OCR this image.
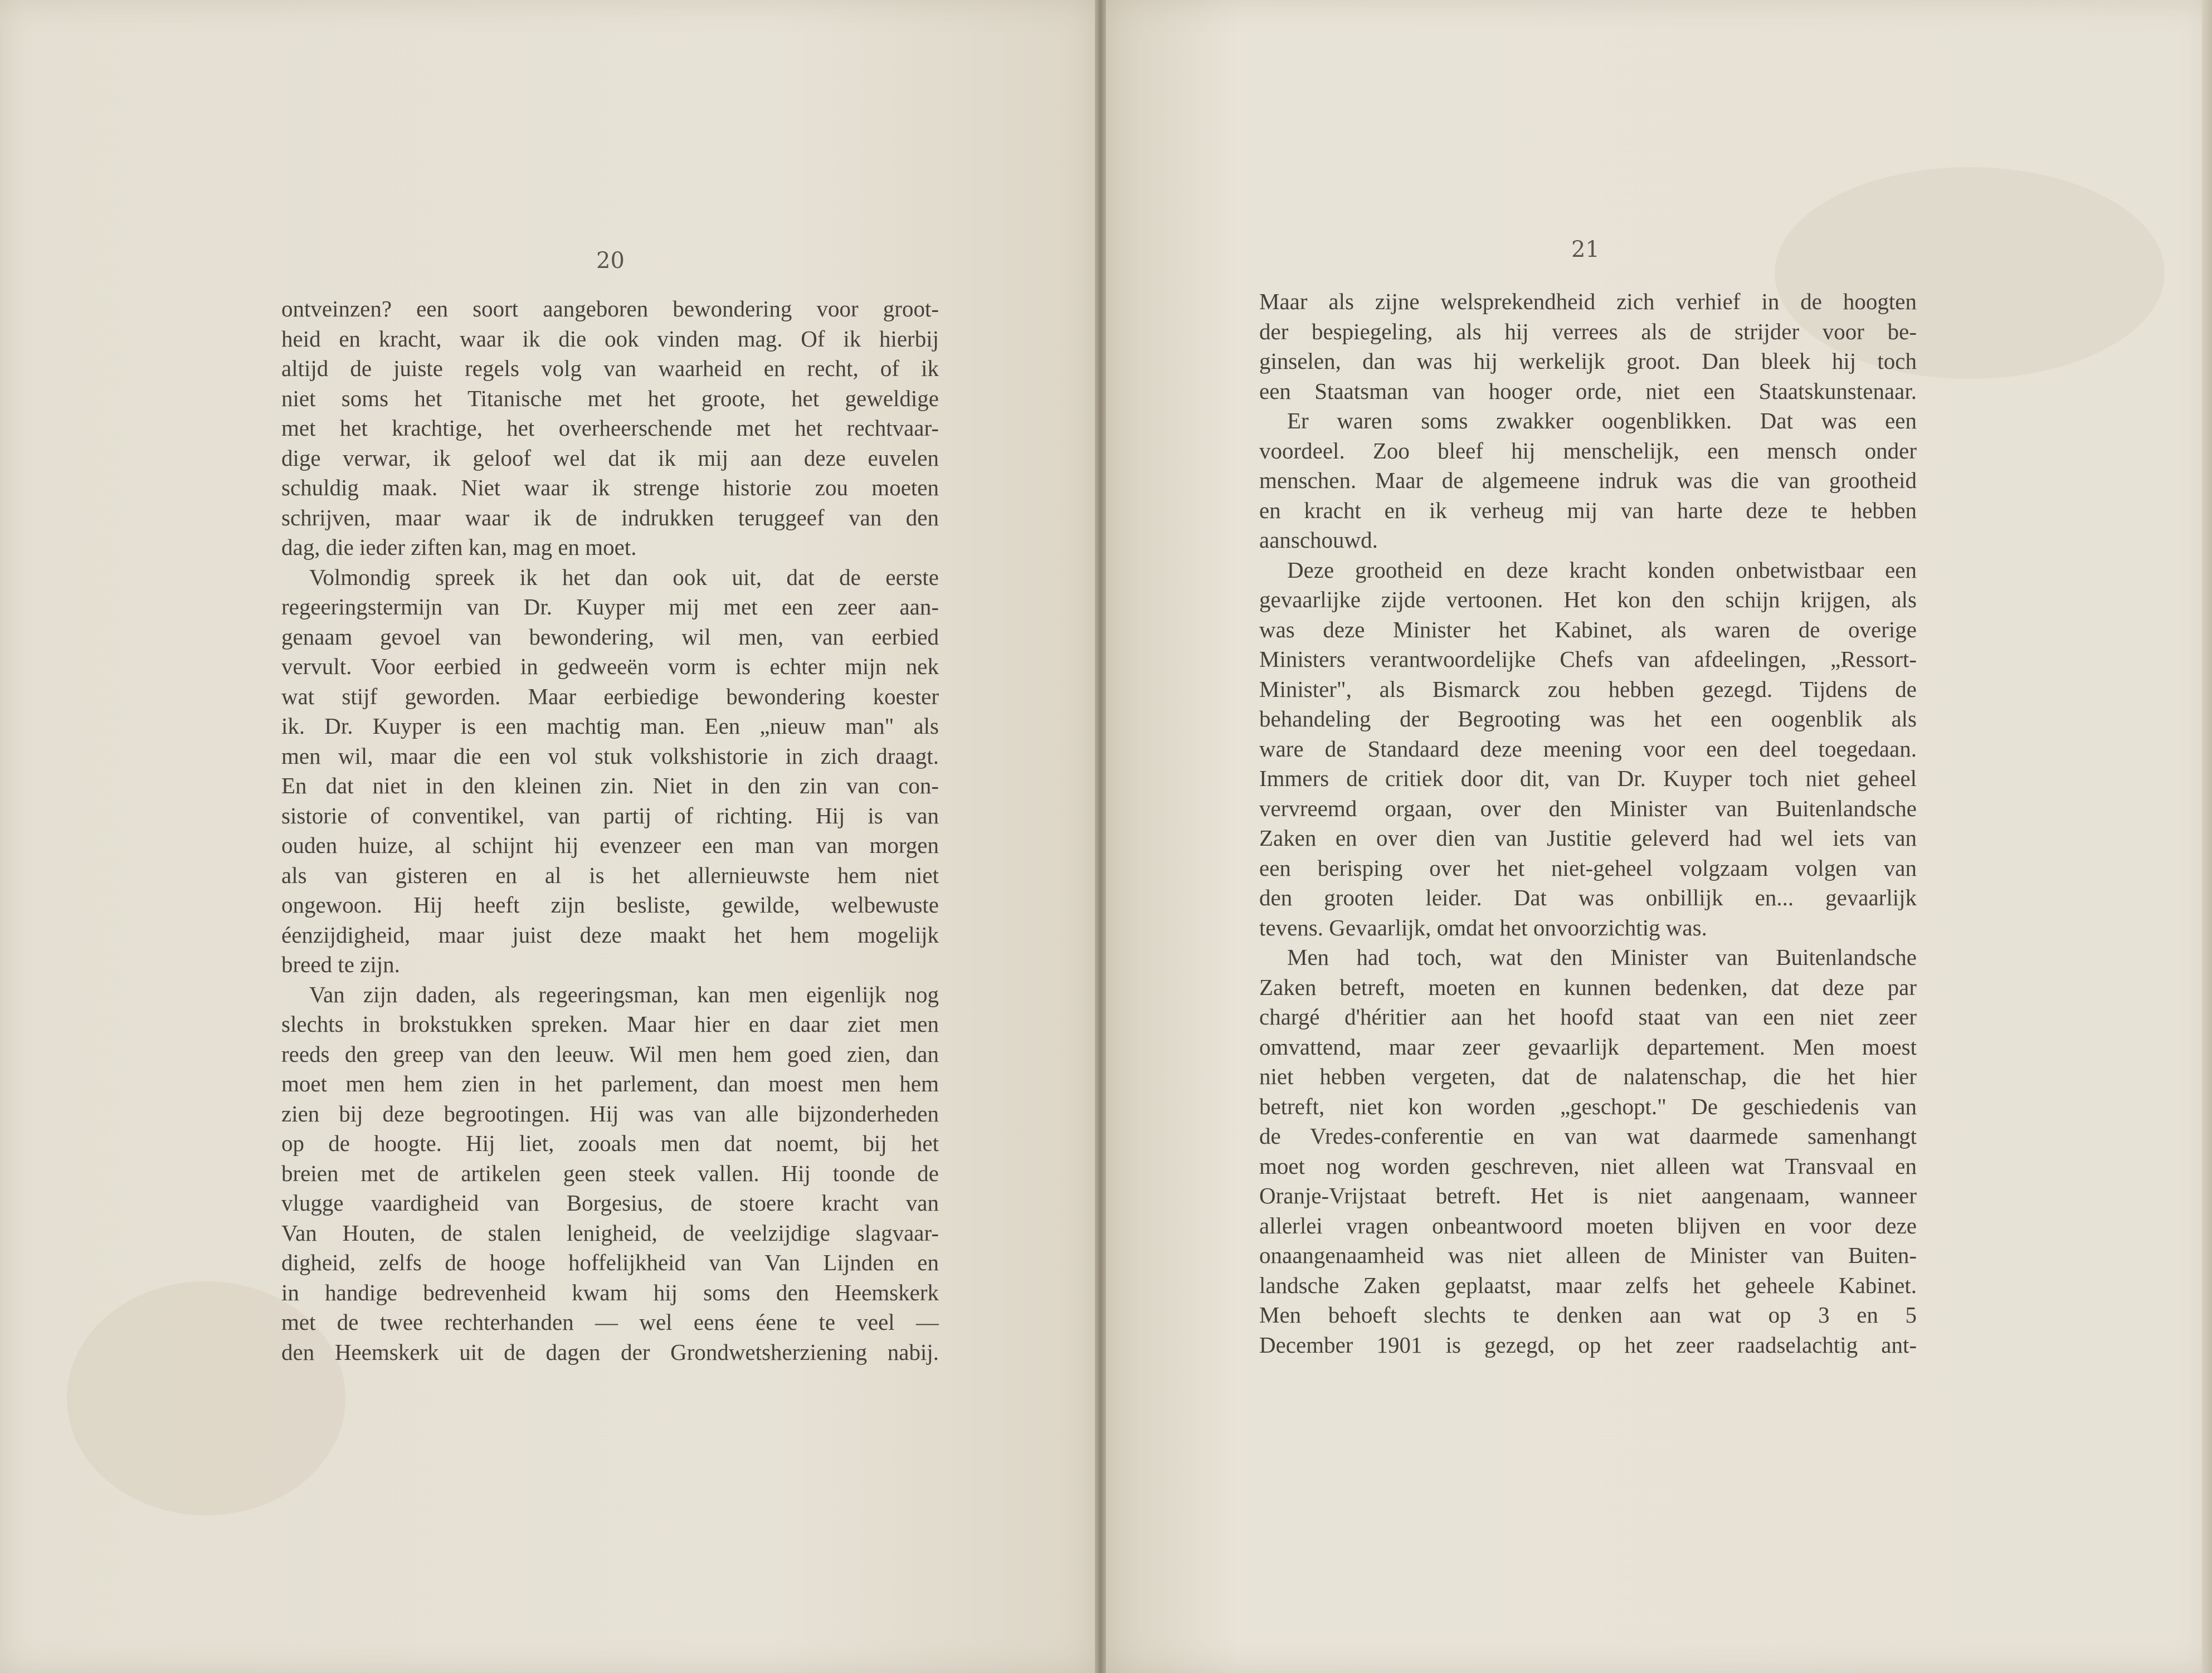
20

ontveinzen? een soort aangeboren bewondering voor groot-
heid en kracht, waar ik die ook vinden mag. Of ik hierbij
altijd de juiste regels volg van waarheid en recht, of ik
niet soms het Titanische met het groote, het geweldige
met het krachtige, het overheerschende met het rechtvaar-
dige verwar, ik geloof wel dat ik mij aan deze euvelen
schuldig maak. Niet waar ik strenge historie zou moeten
schrijven, maar waar ik de indrukken teruggeef van den
dag, die ieder ziften kan, mag en moet.
Volmondig spreek ik het dan ook uit, dat de eerste
regeeringstermijn van Dr. Kuyper mij met een zeer aan-
genaam gevoel van bewondering, wil men, van eerbied
vervult. Voor eerbied in gedweeën vorm is echter mijn nek
wat stijf geworden. Maar eerbiedige bewondering koester
ik. Dr. Kuyper is een machtig man. Een „nieuw man" als
men wil, maar die een vol stuk volkshistorie in zich draagt.
En dat niet in den kleinen zin. Niet in den zin van con-
sistorie of conventikel, van partij of richting. Hij is van
ouden huize, al schijnt hij evenzeer een man van morgen
als van gisteren en al is het allernieuwste hem niet
ongewoon. Hij heeft zijn besliste, gewilde, welbewuste
éenzijdigheid, maar juist deze maakt het hem mogelijk
breed te zijn.
Van zijn daden, als regeeringsman, kan men eigenlijk nog
slechts in brokstukken spreken. Maar hier en daar ziet men
reeds den greep van den leeuw. Wil men hem goed zien, dan
moet men hem zien in het parlement, dan moest men hem
zien bij deze begrootingen. Hij was van alle bijzonderheden
op de hoogte. Hij liet, zooals men dat noemt, bij het
breien met de artikelen geen steek vallen. Hij toonde de
vlugge vaardigheid van Borgesius, de stoere kracht van
Van Houten, de stalen lenigheid, de veelzijdige slagvaar-
digheid, zelfs de hooge hoffelijkheid van Van Lijnden en
in handige bedrevenheid kwam hij soms den Heemskerk
met de twee rechterhanden — wel eens éene te veel —
den Heemskerk uit de dagen der Grondwetsherziening nabij.

21

Maar als zijne welsprekendheid zich verhief in de hoogten
der bespiegeling, als hij verrees als de strijder voor be-
ginselen, dan was hij werkelijk groot. Dan bleek hij toch
een Staatsman van hooger orde, niet een Staatskunstenaar.
Er waren soms zwakker oogenblikken. Dat was een
voordeel. Zoo bleef hij menschelijk, een mensch onder
menschen. Maar de algemeene indruk was die van grootheid
en kracht en ik verheug mij van harte deze te hebben
aanschouwd.
Deze grootheid en deze kracht konden onbetwistbaar een
gevaarlijke zijde vertoonen. Het kon den schijn krijgen, als
was deze Minister het Kabinet, als waren de overige
Ministers verantwoordelijke Chefs van afdeelingen, „Ressort-
Minister", als Bismarck zou hebben gezegd. Tijdens de
behandeling der Begrooting was het een oogenblik als
ware de Standaard deze meening voor een deel toegedaan.
Immers de critiek door dit, van Dr. Kuyper toch niet geheel
vervreemd orgaan, over den Minister van Buitenlandsche
Zaken en over dien van Justitie geleverd had wel iets van
een berisping over het niet-geheel volgzaam volgen van
den grooten leider. Dat was onbillijk en... gevaarlijk
tevens. Gevaarlijk, omdat het onvoorzichtig was.
Men had toch, wat den Minister van Buitenlandsche
Zaken betreft, moeten en kunnen bedenken, dat deze par
chargé d'héritier aan het hoofd staat van een niet zeer
omvattend, maar zeer gevaarlijk departement. Men moest
niet hebben vergeten, dat de nalatenschap, die het hier
betreft, niet kon worden „geschopt." De geschiedenis van
de Vredes-conferentie en van wat daarmede samenhangt
moet nog worden geschreven, niet alleen wat Transvaal en
Oranje-Vrijstaat betreft. Het is niet aangenaam, wanneer
allerlei vragen onbeantwoord moeten blijven en voor deze
onaangenaamheid was niet alleen de Minister van Buiten-
landsche Zaken geplaatst, maar zelfs het geheele Kabinet.
Men behoeft slechts te denken aan wat op 3 en 5
December 1901 is gezegd, op het zeer raadselachtig ant-
